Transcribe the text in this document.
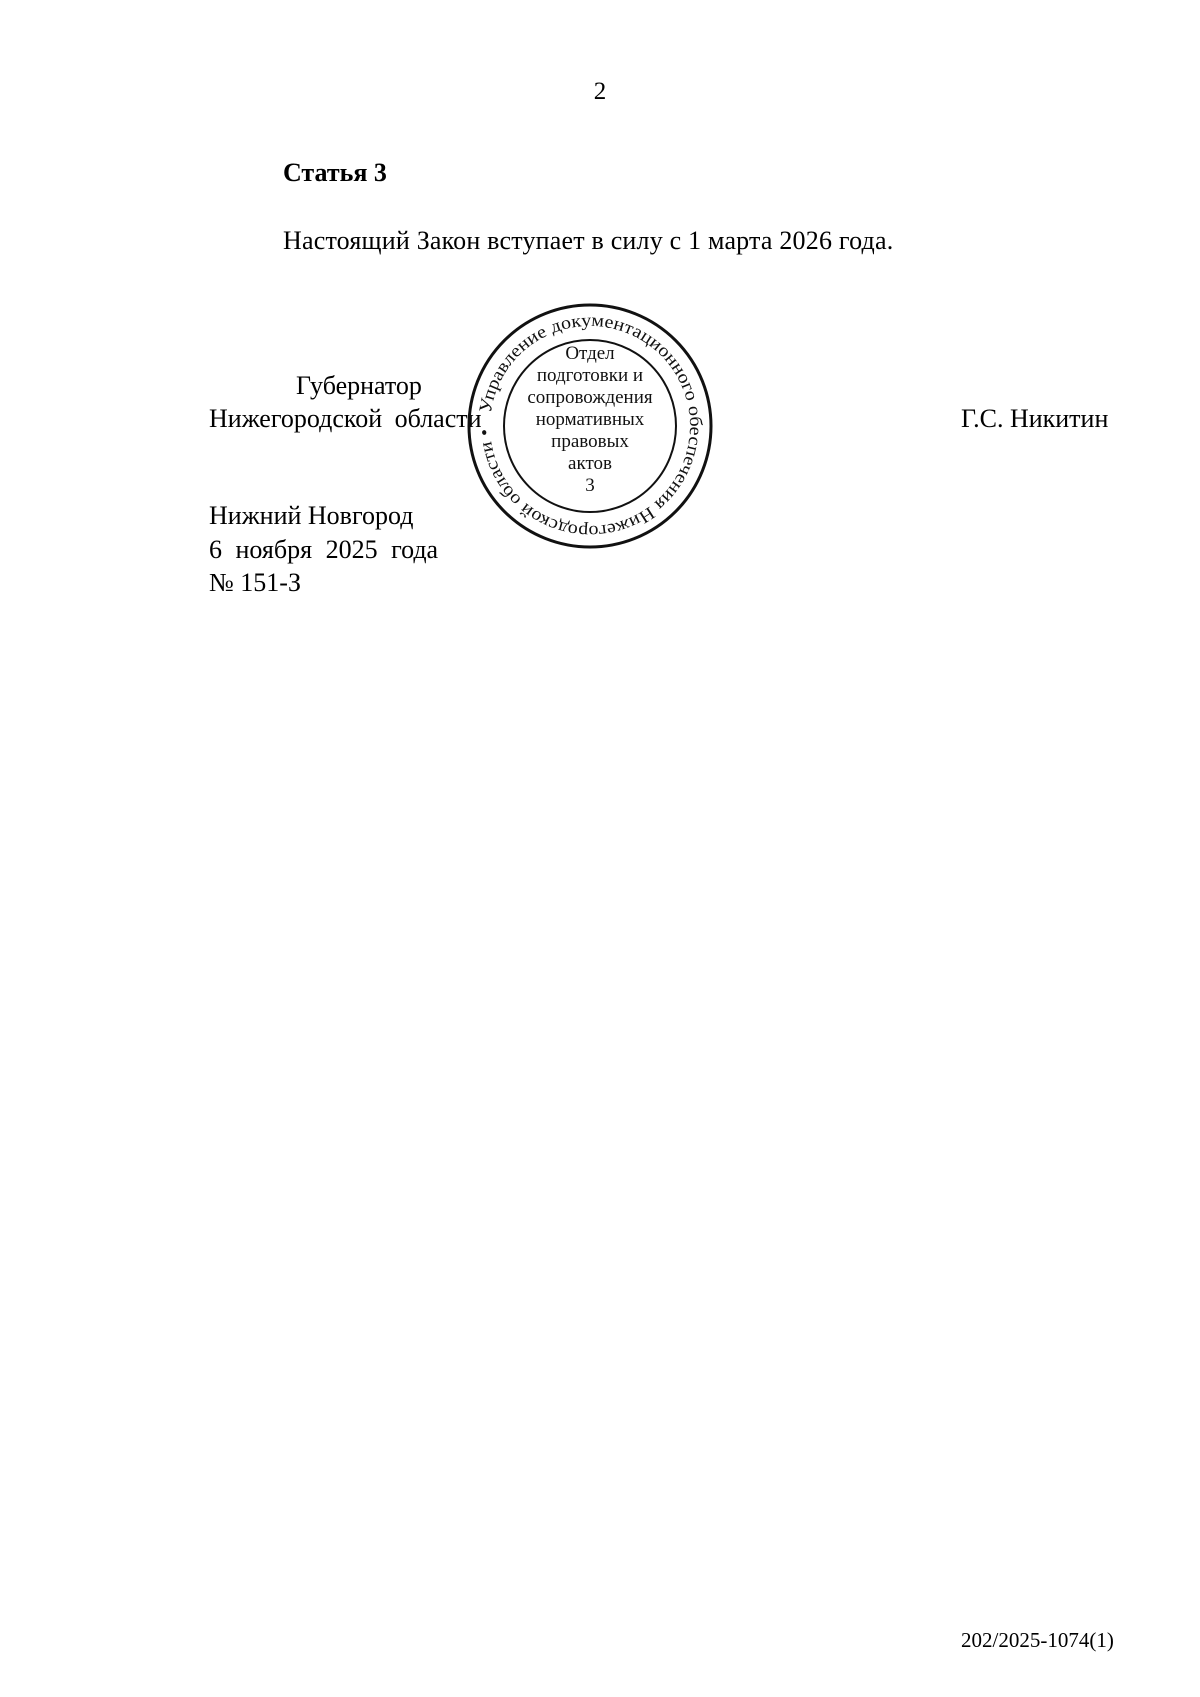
2
Статья 3
Настоящий Закон вступает в силу с 1 марта 2026 года.
Губернатор
Нижегородской области	Г.С. Никитин
Управление документационного обеспечения Нижегородской области •
Отдел
подготовки и
сопровождения
нормативных
правовых
актов
3
Нижний Новгород
6 ноября 2025 года
№ 151-З
202/2025-1074(1)
